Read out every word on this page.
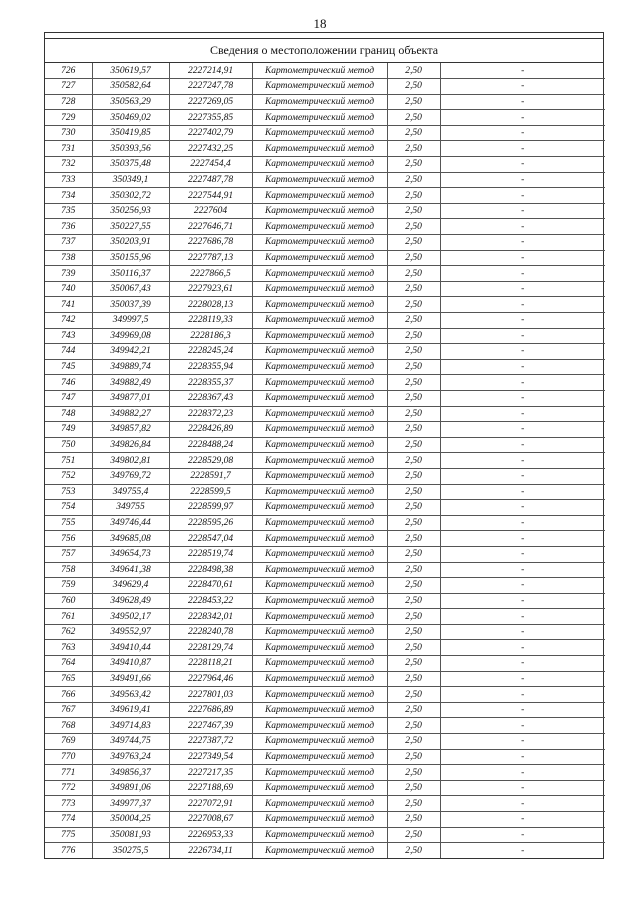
18
Сведения о местоположении границ объекта
726	350619,57	2227214,91	Картометрический метод	2,50	-
727	350582,64	2227247,78	Картометрический метод	2,50	-
728	350563,29	2227269,05	Картометрический метод	2,50	-
729	350469,02	2227355,85	Картометрический метод	2,50	-
730	350419,85	2227402,79	Картометрический метод	2,50	-
731	350393,56	2227432,25	Картометрический метод	2,50	-
732	350375,48	2227454,4	Картометрический метод	2,50	-
733	350349,1	2227487,78	Картометрический метод	2,50	-
734	350302,72	2227544,91	Картометрический метод	2,50	-
735	350256,93	2227604	Картометрический метод	2,50	-
736	350227,55	2227646,71	Картометрический метод	2,50	-
737	350203,91	2227686,78	Картометрический метод	2,50	-
738	350155,96	2227787,13	Картометрический метод	2,50	-
739	350116,37	2227866,5	Картометрический метод	2,50	-
740	350067,43	2227923,61	Картометрический метод	2,50	-
741	350037,39	2228028,13	Картометрический метод	2,50	-
742	349997,5	2228119,33	Картометрический метод	2,50	-
743	349969,08	2228186,3	Картометрический метод	2,50	-
744	349942,21	2228245,24	Картометрический метод	2,50	-
745	349889,74	2228355,94	Картометрический метод	2,50	-
746	349882,49	2228355,37	Картометрический метод	2,50	-
747	349877,01	2228367,43	Картометрический метод	2,50	-
748	349882,27	2228372,23	Картометрический метод	2,50	-
749	349857,82	2228426,89	Картометрический метод	2,50	-
750	349826,84	2228488,24	Картометрический метод	2,50	-
751	349802,81	2228529,08	Картометрический метод	2,50	-
752	349769,72	2228591,7	Картометрический метод	2,50	-
753	349755,4	2228599,5	Картометрический метод	2,50	-
754	349755	2228599,97	Картометрический метод	2,50	-
755	349746,44	2228595,26	Картометрический метод	2,50	-
756	349685,08	2228547,04	Картометрический метод	2,50	-
757	349654,73	2228519,74	Картометрический метод	2,50	-
758	349641,38	2228498,38	Картометрический метод	2,50	-
759	349629,4	2228470,61	Картометрический метод	2,50	-
760	349628,49	2228453,22	Картометрический метод	2,50	-
761	349502,17	2228342,01	Картометрический метод	2,50	-
762	349552,97	2228240,78	Картометрический метод	2,50	-
763	349410,44	2228129,74	Картометрический метод	2,50	-
764	349410,87	2228118,21	Картометрический метод	2,50	-
765	349491,66	2227964,46	Картометрический метод	2,50	-
766	349563,42	2227801,03	Картометрический метод	2,50	-
767	349619,41	2227686,89	Картометрический метод	2,50	-
768	349714,83	2227467,39	Картометрический метод	2,50	-
769	349744,75	2227387,72	Картометрический метод	2,50	-
770	349763,24	2227349,54	Картометрический метод	2,50	-
771	349856,37	2227217,35	Картометрический метод	2,50	-
772	349891,06	2227188,69	Картометрический метод	2,50	-
773	349977,37	2227072,91	Картометрический метод	2,50	-
774	350004,25	2227008,67	Картометрический метод	2,50	-
775	350081,93	2226953,33	Картометрический метод	2,50	-
776	350275,5	2226734,11	Картометрический метод	2,50	-
